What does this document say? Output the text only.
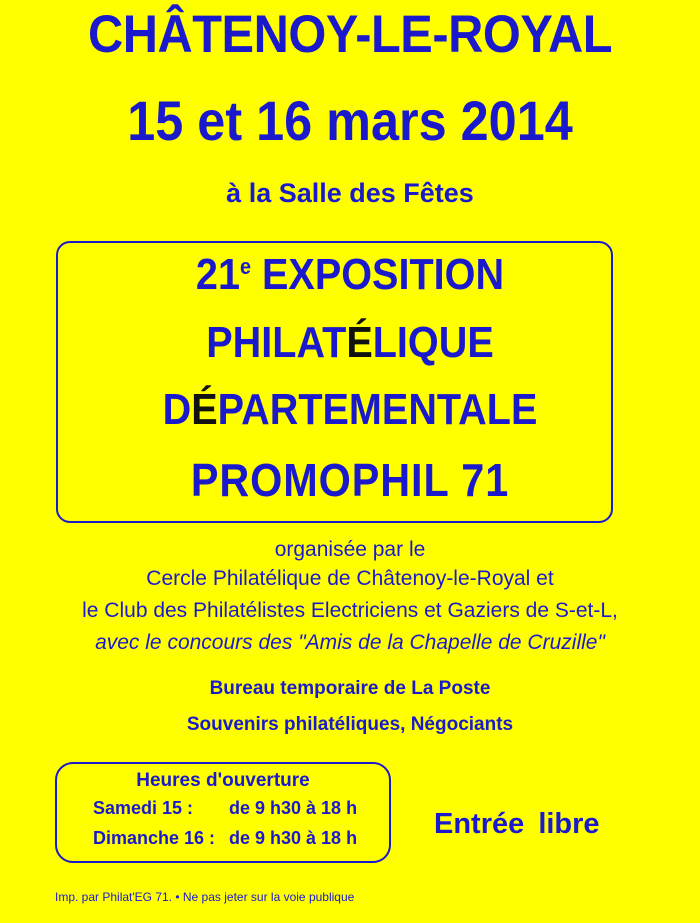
CHÂTENOY-LE-ROYAL
15 et 16 mars 2014
à la Salle des Fêtes
21e EXPOSITION
PHILATÉLIQUE
DÉPARTEMENTALE
PROMOPHIL 71
organisée par le
Cercle Philatélique de Châtenoy-le-Royal et
le Club des Philatélistes Electriciens et Gaziers de S-et-L,
avec le concours des "Amis de la Chapelle de Cruzille"
Bureau temporaire de La Poste
Souvenirs philatéliques, Négociants
Heures d'ouverture
Samedi 15 : de 9 h30 à 18 h
Dimanche 16 : de 9 h30 à 18 h	Entrée libre
Imp. par Philat'EG 71. • Ne pas jeter sur la voie publique
